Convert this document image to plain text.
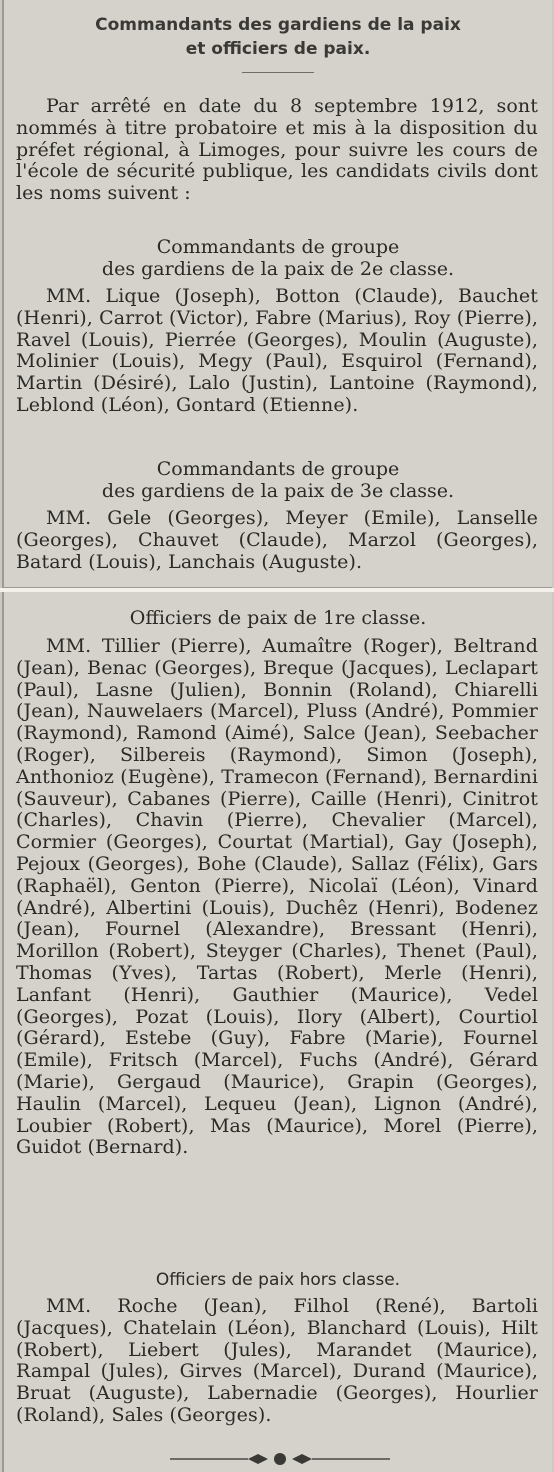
Commandants des gardiens de la paix
et officiers de paix.
Par arrêté en date du 8 septembre 1912, sont nommés à titre probatoire et mis à la disposition du préfet régional, à Limoges, pour suivre les cours de l'école de sécurité publique, les candidats civils dont les noms suivent :
Commandants de groupe
des gardiens de la paix de 2e classe.
MM. Lique (Joseph), Botton (Claude), Bauchet (Henri), Carrot (Victor), Fabre (Marius), Roy (Pierre), Ravel (Louis), Pierrée (Georges), Moulin (Auguste), Molinier (Louis), Megy (Paul), Esquirol (Fernand), Martin (Désiré), Lalo (Justin), Lantoine (Raymond), Leblond (Léon), Gontard (Etienne).
Commandants de groupe
des gardiens de la paix de 3e classe.
MM. Gele (Georges), Meyer (Emile), Lanselle (Georges), Chauvet (Claude), Marzol (Georges), Batard (Louis), Lanchais (Auguste).
Officiers de paix de 1re classe.
MM. Tillier (Pierre), Aumaître (Roger), Beltrand (Jean), Benac (Georges), Breque (Jacques), Leclapart (Paul), Lasne (Julien), Bonnin (Roland), Chiarelli (Jean), Nauwelaers (Marcel), Pluss (André), Pommier (Raymond), Ramond (Aimé), Salce (Jean), Seebacher (Roger), Silbereis (Raymond), Simon (Joseph), Anthonioz (Eugène), Tramecon (Fernand), Bernardini (Sauveur), Cabanes (Pierre), Caille (Henri), Cinitrot (Charles), Chavin (Pierre), Chevalier (Marcel), Cormier (Georges), Courtat (Martial), Gay (Joseph), Pejoux (Georges), Bohe (Claude), Sallaz (Félix), Gars (Raphaël), Genton (Pierre), Nicolaï (Léon), Vinard (André), Albertini (Louis), Duchêz (Henri), Bodenez (Jean), Fournel (Alexandre), Bressant (Henri), Morillon (Robert), Steyger (Charles), Thenet (Paul), Thomas (Yves), Tartas (Robert), Merle (Henri), Lanfant (Henri), Gauthier (Maurice), Vedel (Georges), Pozat (Louis), Ilory (Albert), Courtiol (Gérard), Estebe (Guy), Fabre (Marie), Fournel (Emile), Fritsch (Marcel), Fuchs (André), Gérard (Marie), Gergaud (Maurice), Grapin (Georges), Haulin (Marcel), Lequeu (Jean), Lignon (André), Loubier (Robert), Mas (Maurice), Morel (Pierre), Guidot (Bernard).
Officiers de paix hors classe.
MM. Roche (Jean), Filhol (René), Bartoli (Jacques), Chatelain (Léon), Blanchard (Louis), Hilt (Robert), Liebert (Jules), Marandet (Maurice), Rampal (Jules), Girves (Marcel), Durand (Maurice), Bruat (Auguste), Labernadie (Georges), Hourlier (Roland), Sales (Georges).
